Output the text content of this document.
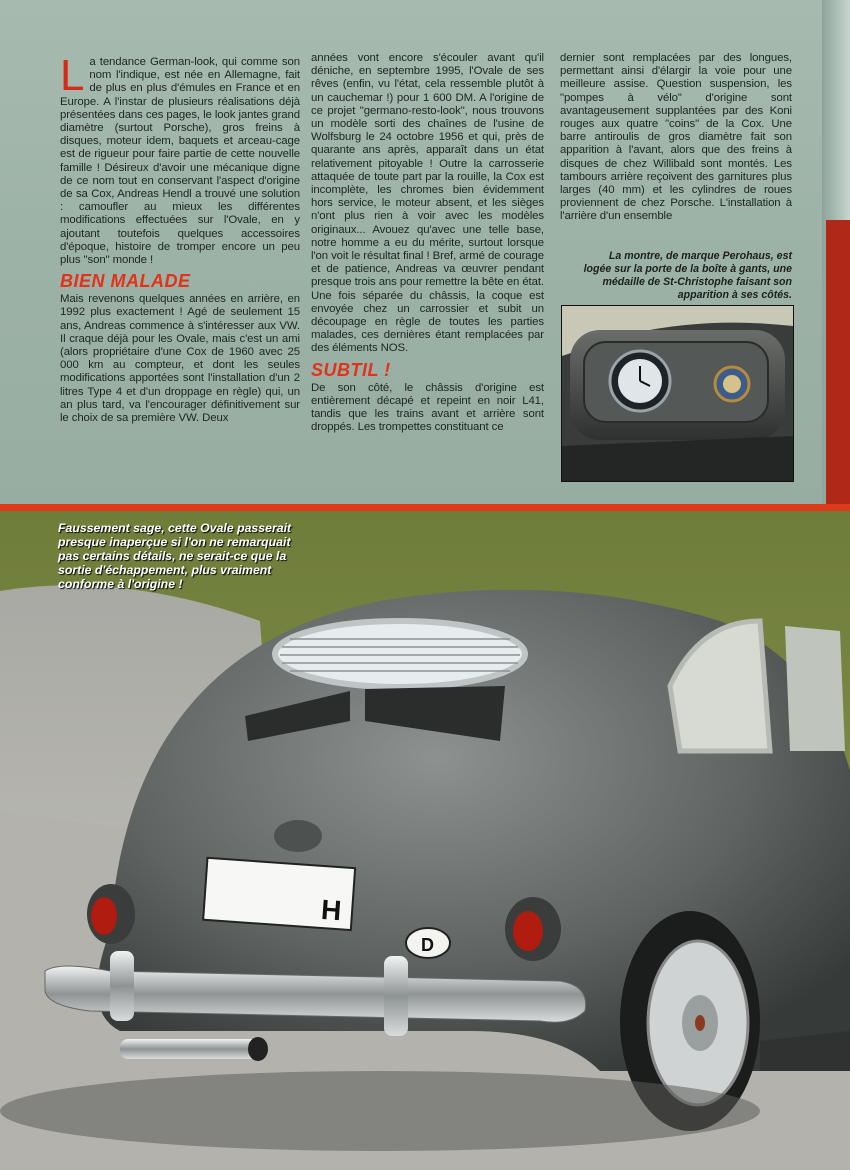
La tendance German-look, qui comme son nom l'indique, est née en Allemagne, fait de plus en plus d'émules en France et en Europe. A l'instar de plusieurs réalisations déjà présentées dans ces pages, le look jantes grand diamètre (surtout Porsche), gros freins à disques, moteur idem, baquets et arceau-cage est de rigueur pour faire partie de cette nouvelle famille ! Désireux d'avoir une mécanique digne de ce nom tout en conservant l'aspect d'origine de sa Cox, Andreas Hendl a trouvé une solution : camoufler au mieux les différentes modifications effectuées sur l'Ovale, en y ajoutant toutefois quelques accessoires d'époque, histoire de tromper encore un peu plus "son" monde !

BIEN MALADE

Mais revenons quelques années en arrière, en 1992 plus exactement ! Agé de seulement 15 ans, Andreas commence à s'intéresser aux VW. Il craque déjà pour les Ovale, mais c'est un ami (alors propriétaire d'une Cox de 1960 avec 25 000 km au compteur, et dont les seules modifications apportées sont l'installation d'un 2 litres Type 4 et d'un droppage en règle) qui, un an plus tard, va l'encourager définitivement sur le choix de sa première VW. Deux

années vont encore s'écouler avant qu'il déniche, en septembre 1995, l'Ovale de ses rêves (enfin, vu l'état, cela ressemble plutôt à un cauchemar !) pour 1 600 DM. A l'origine de ce projet "germano-resto-look", nous trouvons un modèle sorti des chaînes de l'usine de Wolfsburg le 24 octobre 1956 et qui, près de quarante ans après, apparaît dans un état relativement pitoyable ! Outre la carrosserie attaquée de toute part par la rouille, la Cox est incomplète, les chromes bien évidemment hors service, le moteur absent, et les sièges n'ont plus rien à voir avec les modèles originaux... Avouez qu'avec une telle base, notre homme a eu du mérite, surtout lorsque l'on voit le résultat final ! Bref, armé de courage et de patience, Andreas va œuvrer pendant presque trois ans pour remettre la bête en état. Une fois séparée du châssis, la coque est envoyée chez un carrossier et subit un découpage en règle de toutes les parties malades, ces dernières étant remplacées par des éléments NOS.

SUBTIL !

De son côté, le châssis d'origine est entièrement décapé et repeint en noir L41, tandis que les trains avant et arrière sont droppés. Les trompettes constituant ce

dernier sont remplacées par des longues, permettant ainsi d'élargir la voie pour une meilleure assise. Question suspension, les "pompes à vélo" d'origine sont avantageusement supplantées par des Koni rouges aux quatre "coins" de la Cox. Une barre antiroulis de gros diamètre fait son apparition à l'avant, alors que des freins à disques de chez Willibald sont montés. Les tambours arrière reçoivent des garnitures plus larges (40 mm) et les cylindres de roues proviennent de chez Porsche. L'installation à l'arrière d'un ensemble

La montre, de marque Perohaus, est logée sur la porte de la boîte à gants, une médaille de St-Christophe faisant son apparition à ses côtés.
H
D
Faussement sage, cette Ovale passerait presque inaperçue si l'on ne remarquait pas certains détails, ne serait-ce que la sortie d'échappement, plus vraiment conforme à l'origine !
